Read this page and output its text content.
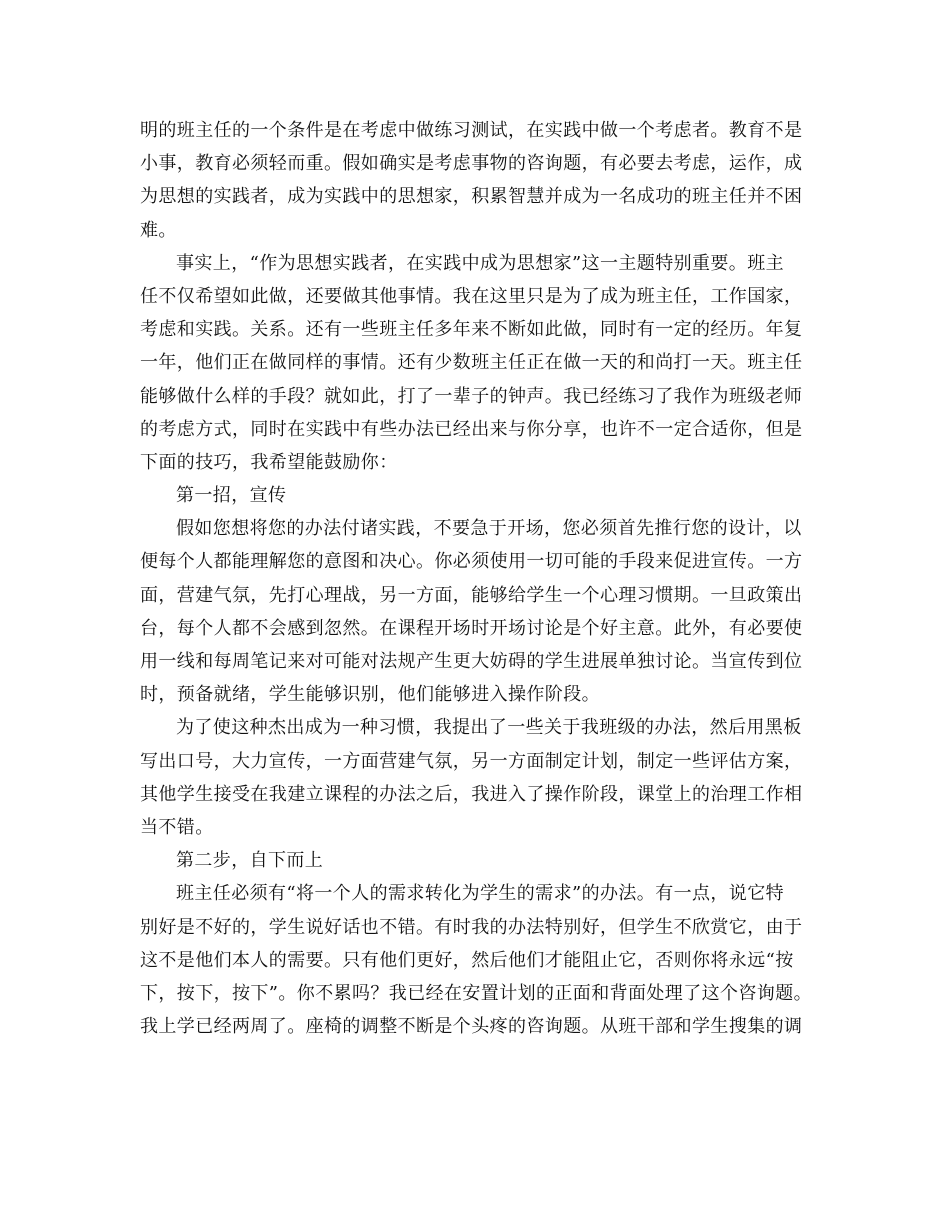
明的班主任的一个条件是在考虑中做练习测试，在实践中做一个考虑者。教育不是
小事，教育必须轻而重。假如确实是考虑事物的咨询题，有必要去考虑，运作，成
为思想的实践者，成为实践中的思想家，积累智慧并成为一名成功的班主任并不困
难。
事实上，“作为思想实践者，在实践中成为思想家”这一主题特别重要。班主
任不仅希望如此做，还要做其他事情。我在这里只是为了成为班主任，工作国家，
考虑和实践。关系。还有一些班主任多年来不断如此做，同时有一定的经历。年复
一年，他们正在做同样的事情。还有少数班主任正在做一天的和尚打一天。班主任
能够做什么样的手段？就如此，打了一辈子的钟声。我已经练习了我作为班级老师
的考虑方式，同时在实践中有些办法已经出来与你分享，也许不一定合适你，但是
下面的技巧，我希望能鼓励你：
第一招，宣传
假如您想将您的办法付诸实践，不要急于开场，您必须首先推行您的设计，以
便每个人都能理解您的意图和决心。你必须使用一切可能的手段来促进宣传。一方
面，营建气氛，先打心理战，另一方面，能够给学生一个心理习惯期。一旦政策出
台，每个人都不会感到忽然。在课程开场时开场讨论是个好主意。此外，有必要使
用一线和每周笔记来对可能对法规产生更大妨碍的学生进展单独讨论。当宣传到位
时，预备就绪，学生能够识别，他们能够进入操作阶段。
为了使这种杰出成为一种习惯，我提出了一些关于我班级的办法，然后用黑板
写出口号，大力宣传，一方面营建气氛，另一方面制定计划，制定一些评估方案，
其他学生接受在我建立课程的办法之后，我进入了操作阶段，课堂上的治理工作相
当不错。
第二步，自下而上
班主任必须有“将一个人的需求转化为学生的需求”的办法。有一点，说它特
别好是不好的，学生说好话也不错。有时我的办法特别好，但学生不欣赏它，由于
这不是他们本人的需要。只有他们更好，然后他们才能阻止它，否则你将永远“按
下，按下，按下”。你不累吗？我已经在安置计划的正面和背面处理了这个咨询题。
我上学已经两周了。座椅的调整不断是个头疼的咨询题。从班干部和学生搜集的调
